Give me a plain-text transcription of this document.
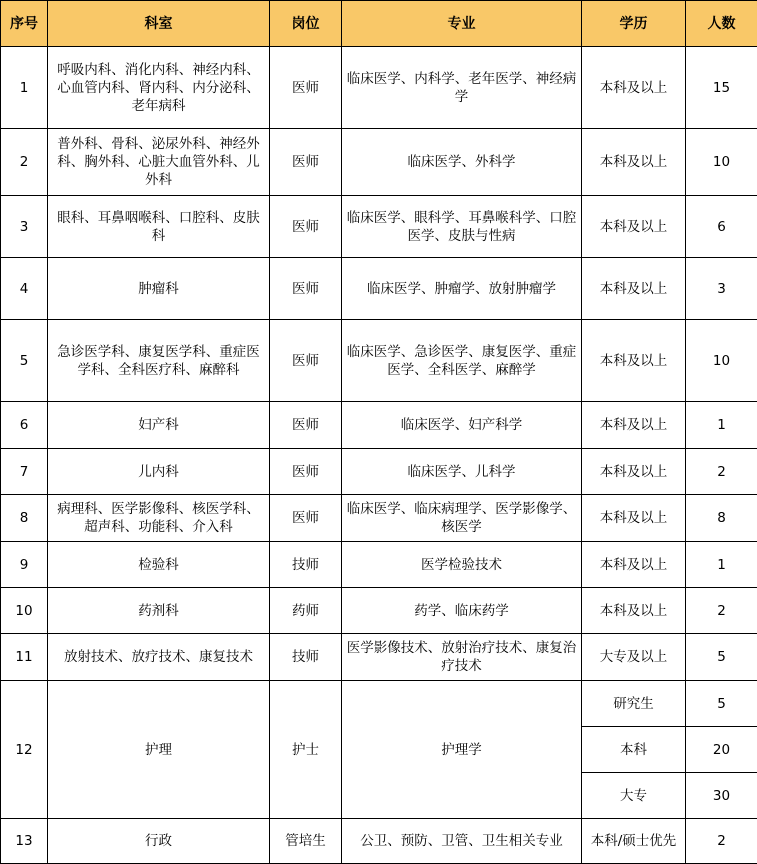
序号	科室	岗位	专业	学历	人数
1	呼吸内科、消化内科、神经内科、心血管内科、肾内科、内分泌科、老年病科	医师	临床医学、内科学、老年医学、神经病学	本科及以上	15
2	普外科、骨科、泌尿外科、神经外科、胸外科、心脏大血管外科、儿外科	医师	临床医学、外科学	本科及以上	10
3	眼科、耳鼻咽喉科、口腔科、皮肤科	医师	临床医学、眼科学、耳鼻喉科学、口腔医学、皮肤与性病	本科及以上	6
4	肿瘤科	医师	临床医学、肿瘤学、放射肿瘤学	本科及以上	3
5	急诊医学科、康复医学科、重症医学科、全科医疗科、麻醉科	医师	临床医学、急诊医学、康复医学、重症医学、全科医学、麻醉学	本科及以上	10
6	妇产科	医师	临床医学、妇产科学	本科及以上	1
7	儿内科	医师	临床医学、儿科学	本科及以上	2
8	病理科、医学影像科、核医学科、超声科、功能科、介入科	医师	临床医学、临床病理学、医学影像学、核医学	本科及以上	8
9	检验科	技师	医学检验技术	本科及以上	1
10	药剂科	药师	药学、临床药学	本科及以上	2
11	放射技术、放疗技术、康复技术	技师	医学影像技术、放射治疗技术、康复治疗技术	大专及以上	5
12	护理	护士	护理学	研究生	5
				本科	20
				大专	30
13	行政	管培生	公卫、预防、卫管、卫生相关专业	本科/硕士优先	2
